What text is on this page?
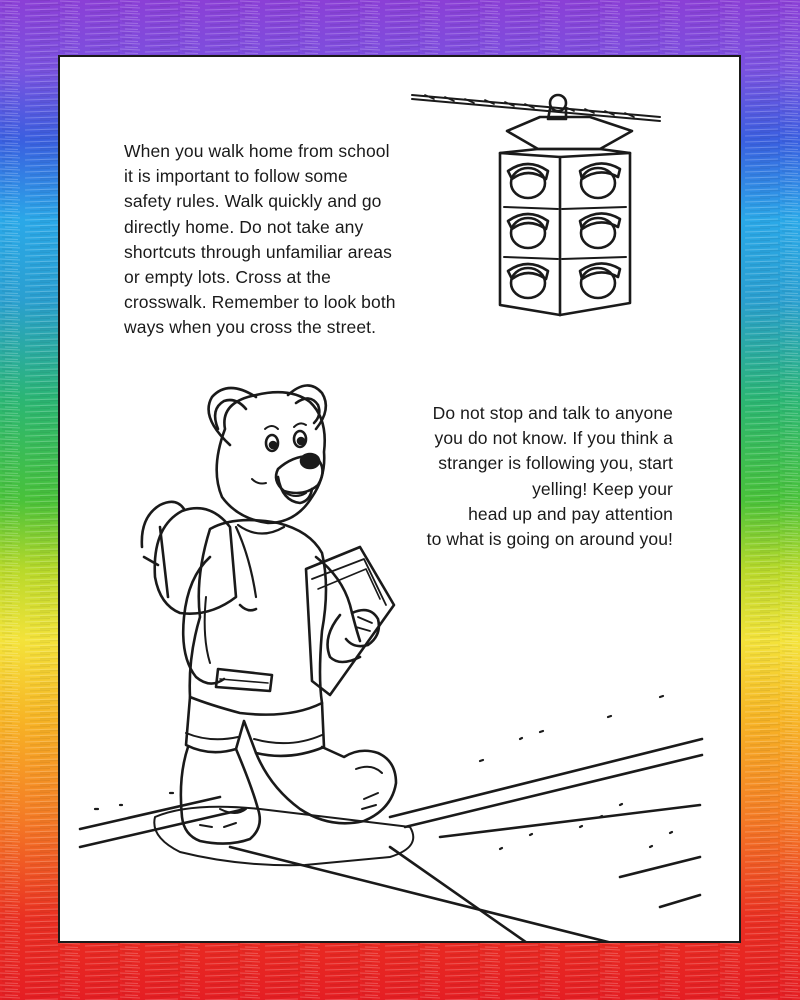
When you walk home from school
it is important to follow some
safety rules. Walk quickly and go
directly home. Do not take any
shortcuts through unfamiliar areas
or empty lots. Cross at the
crosswalk. Remember to look both
ways when you cross the street.

Do not stop and talk to anyone
you do not know. If you think a
stranger is following you, start
yelling! Keep your
head up and pay attention
to what is going on around you!
